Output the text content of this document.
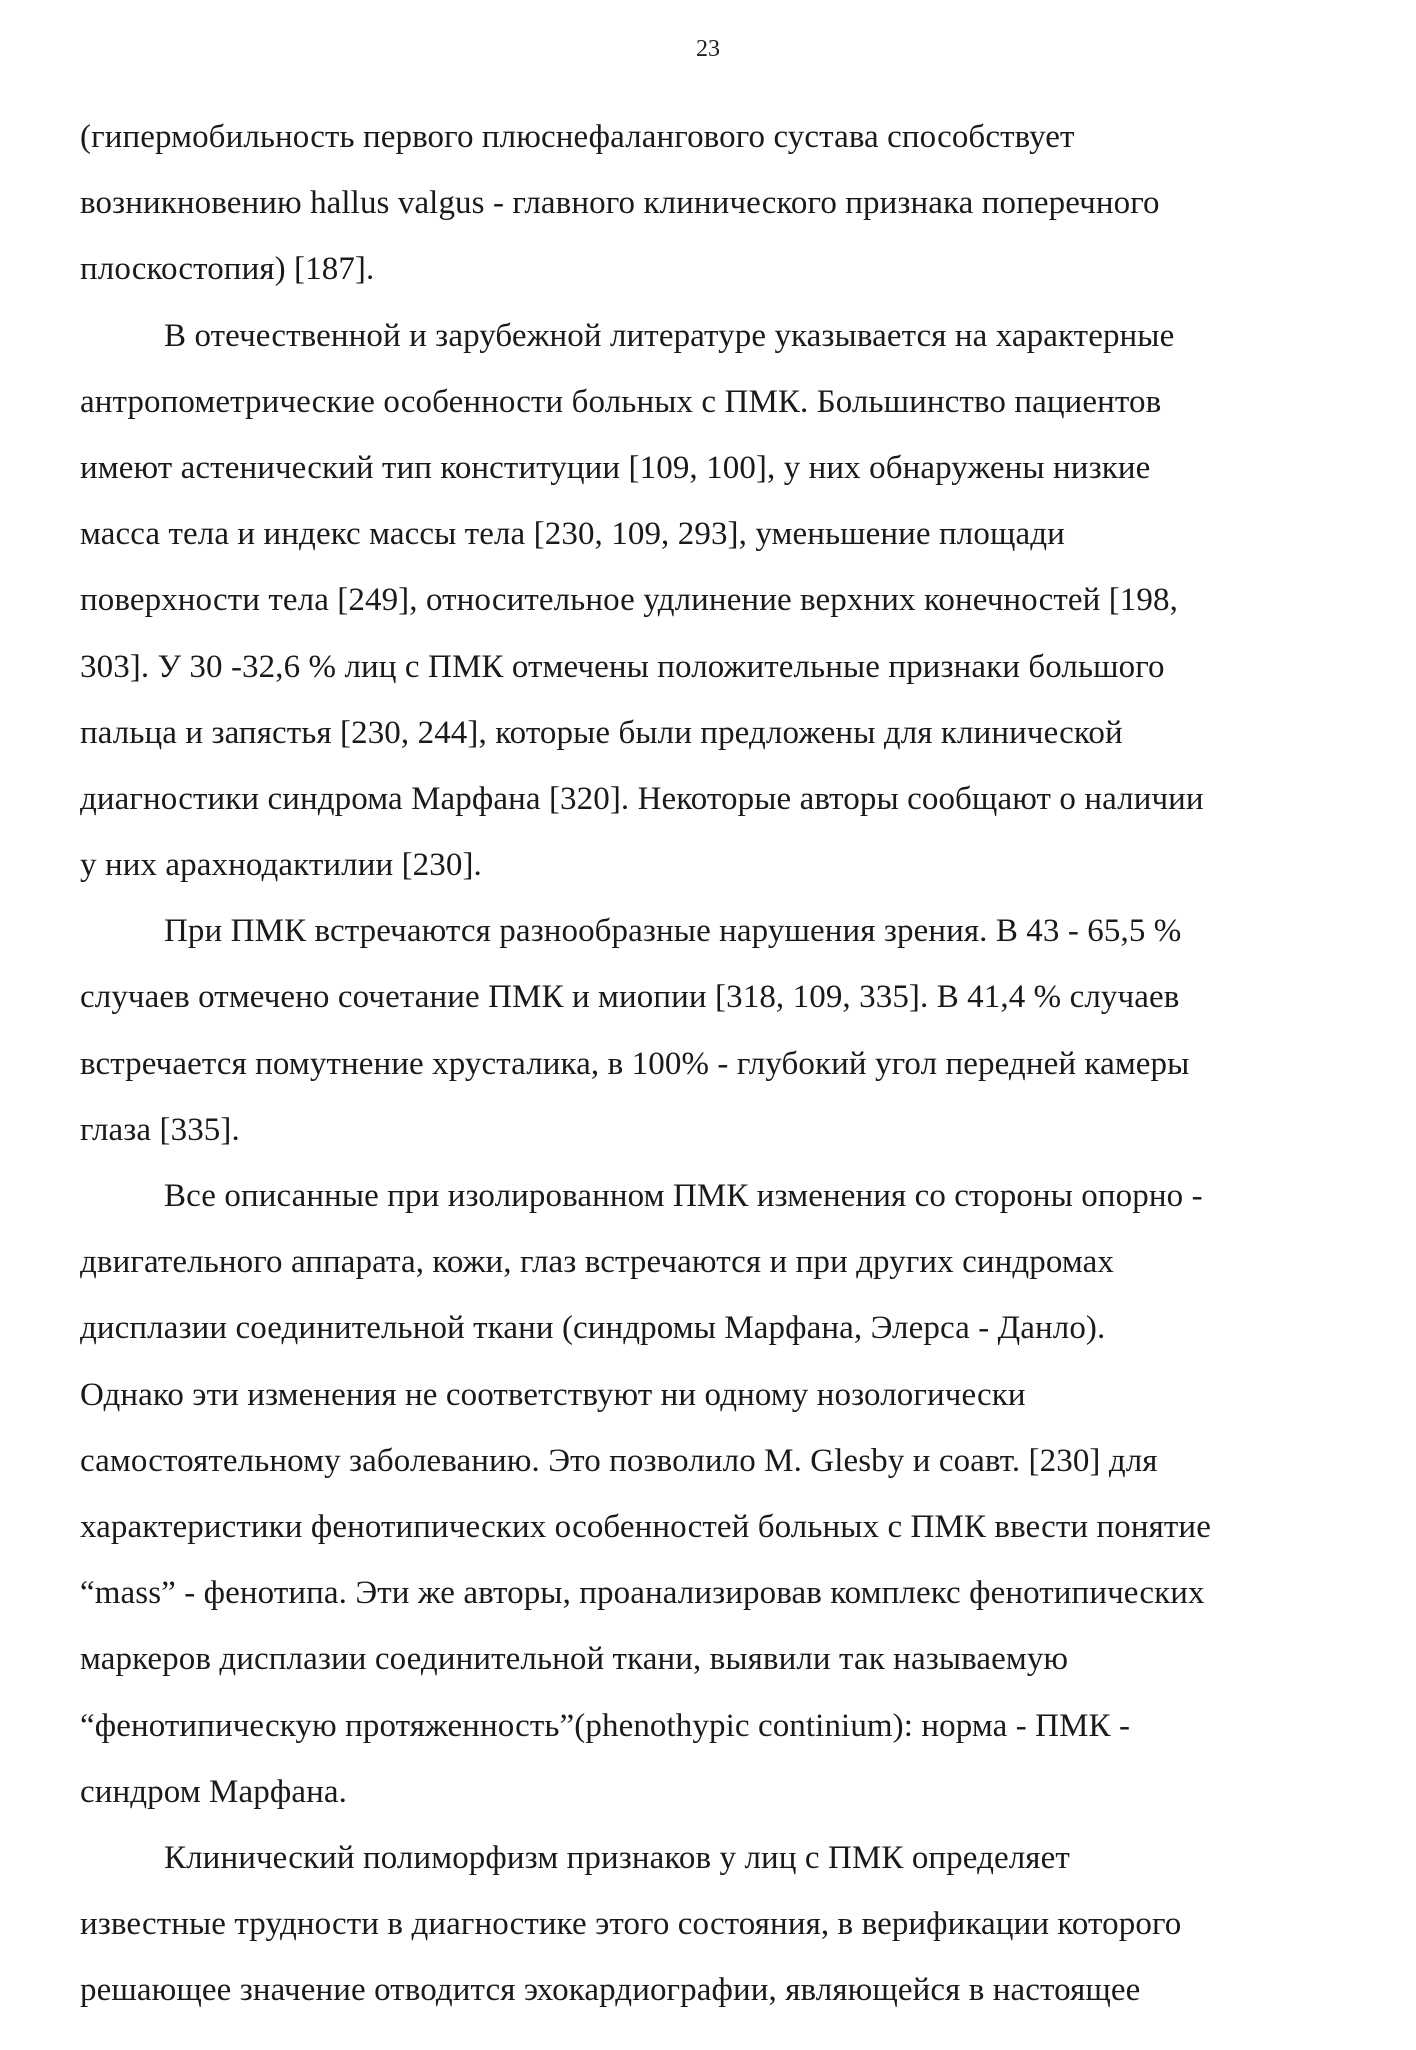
23

(гипермобильность первого плюснефалангового сустава способствует
возникновению hallus valgus - главного клинического признака поперечного
плоскостопия) [187].

В отечественной и зарубежной литературе указывается на характерные
антропометрические особенности больных с ПМК. Большинство пациентов
имеют астенический тип конституции [109, 100], у них обнаружены низкие
масса тела и индекс массы тела [230, 109, 293], уменьшение площади
поверхности тела [249], относительное удлинение верхних конечностей [198,
303]. У 30 -32,6 % лиц с ПМК отмечены положительные признаки большого
пальца и запястья [230, 244], которые были предложены для клинической
диагностики синдрома Марфана [320]. Некоторые авторы сообщают о наличии
у них арахнодактилии [230].

При ПМК встречаются разнообразные нарушения зрения. В 43 - 65,5 %
случаев отмечено сочетание ПМК и миопии [318, 109, 335]. В 41,4 % случаев
встречается помутнение хрусталика, в 100% - глубокий угол передней камеры
глаза [335].

Все описанные при изолированном ПМК изменения со стороны опорно -
двигательного аппарата, кожи, глаз встречаются и при других синдромах
дисплазии соединительной ткани (синдромы Марфана, Элерса - Данло).
Однако эти изменения не соответствуют ни одному нозологически
самостоятельному заболеванию. Это позволило M. Glesby и соавт. [230] для
характеристики фенотипических особенностей больных с ПМК ввести понятие
“mass” - фенотипа. Эти же авторы, проанализировав комплекс фенотипических
маркеров дисплазии соединительной ткани, выявили так называемую
“фенотипическую протяженность”(phenothypic continium): норма - ПМК -
синдром Марфана.

Клинический полиморфизм признаков у лиц с ПМК определяет
известные трудности в диагностике этого состояния, в верификации которого
решающее значение отводится эхокардиографии, являющейся в настоящее
